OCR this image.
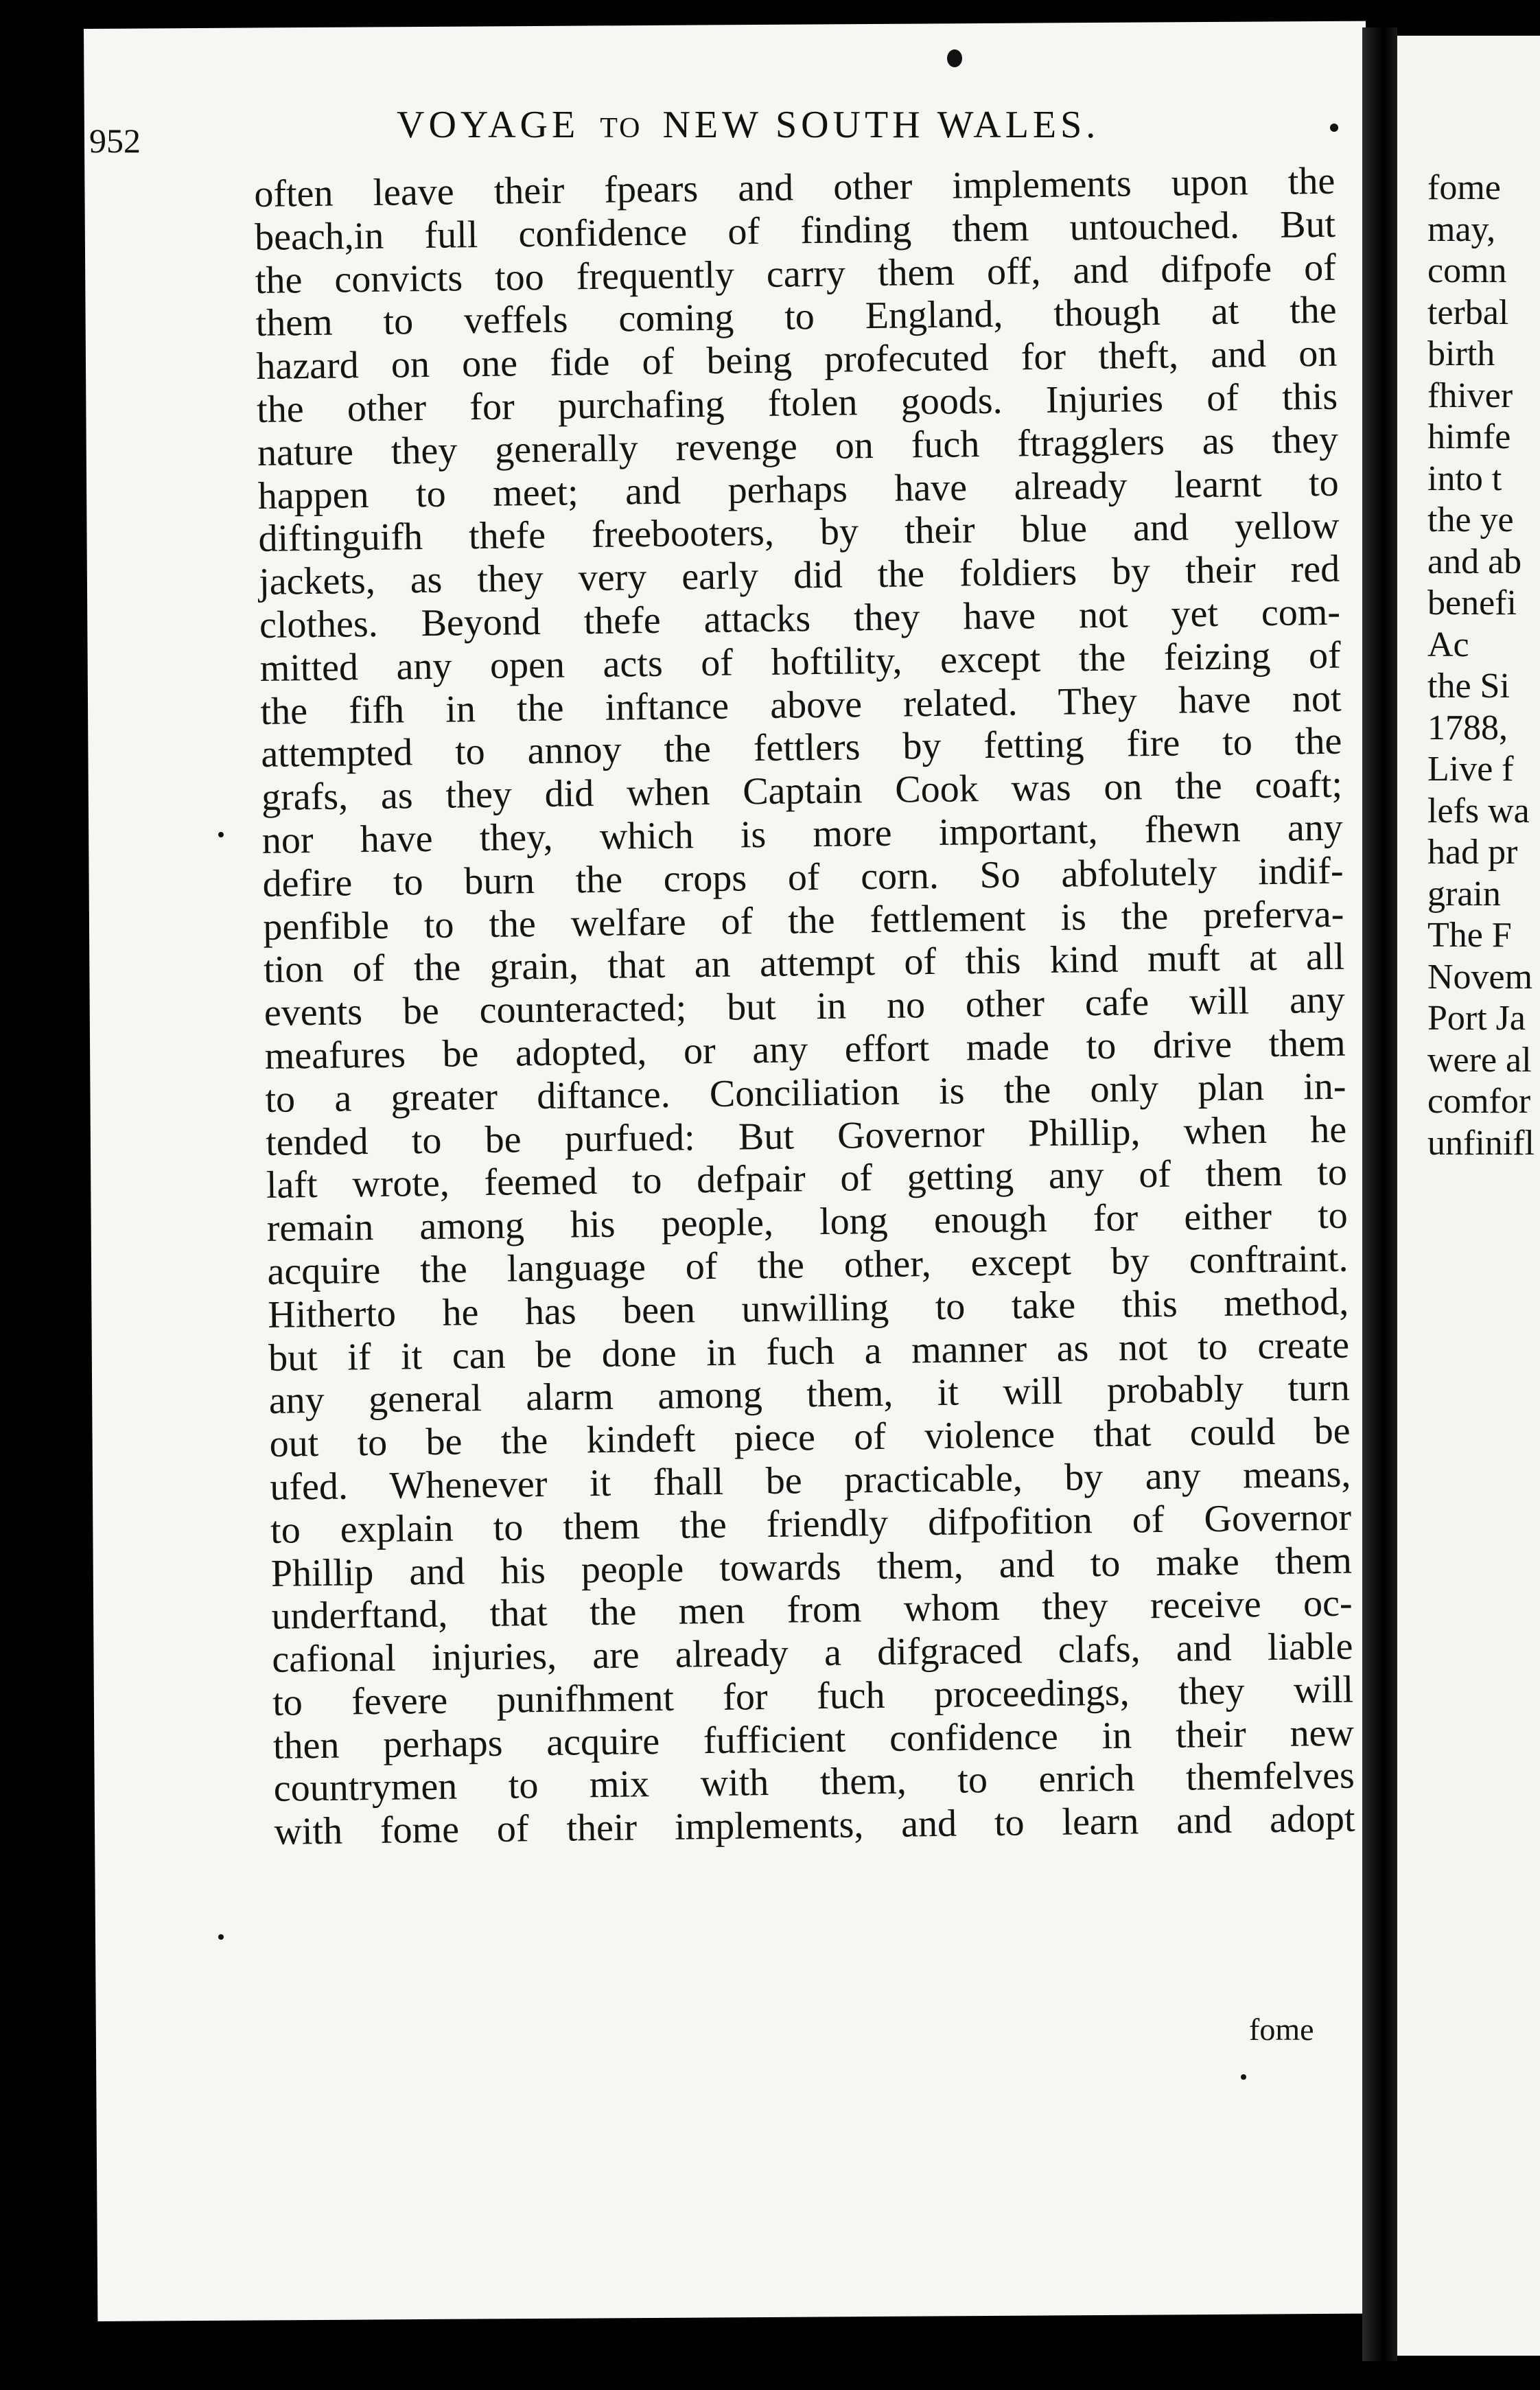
952	VOYAGE TO NEW SOUTH WALES.
often leave their fpears and other implements upon the
beach,in full confidence of finding them untouched. But
the convicts too frequently carry them off, and difpofe of
them to veffels coming to England, though at the
hazard on one fide of being profecuted for theft, and on
the other for purchafing ftolen goods. Injuries of this
nature they generally revenge on fuch ftragglers as they
happen to meet; and perhaps have already learnt to
diftinguifh thefe freebooters, by their blue and yellow
jackets, as they very early did the foldiers by their red
clothes. Beyond thefe attacks they have not yet com-
mitted any open acts of hoftility, except the feizing of
the fifh in the inftance above related. They have not
attempted to annoy the fettlers by fetting fire to the
grafs, as they did when Captain Cook was on the coaft;
nor have they, which is more important, fhewn any
defire to burn the crops of corn. So abfolutely indif-
penfible to the welfare of the fettlement is the preferva-
tion of the grain, that an attempt of this kind muft at all
events be counteracted; but in no other cafe will any
meafures be adopted, or any effort made to drive them
to a greater diftance. Conciliation is the only plan in-
tended to be purfued: But Governor Phillip, when he
laft wrote, feemed to defpair of getting any of them to
remain among his people, long enough for either to
acquire the language of the other, except by conftraint.
Hitherto he has been unwilling to take this method,
but if it can be done in fuch a manner as not to create
any general alarm among them, it will probably turn
out to be the kindeft piece of violence that could be
ufed. Whenever it fhall be practicable, by any means,
to explain to them the friendly difpofition of Governor
Phillip and his people towards them, and to make them
underftand, that the men from whom they receive oc-
cafional injuries, are already a difgraced clafs, and liable
to fevere punifhment for fuch proceedings, they will
then perhaps acquire fufficient confidence in their new
countrymen to mix with them, to enrich themfelves
with fome of their implements, and to learn and adopt
fome
fome
may,
comn
terbal
birth
fhiver
himfe
into t
the ye
and ab
benefi
Ac
the Si
1788,
Live f
lefs wa
had pr
grain
The F
Novem
Port Ja
were al
comfor
unfinifl
